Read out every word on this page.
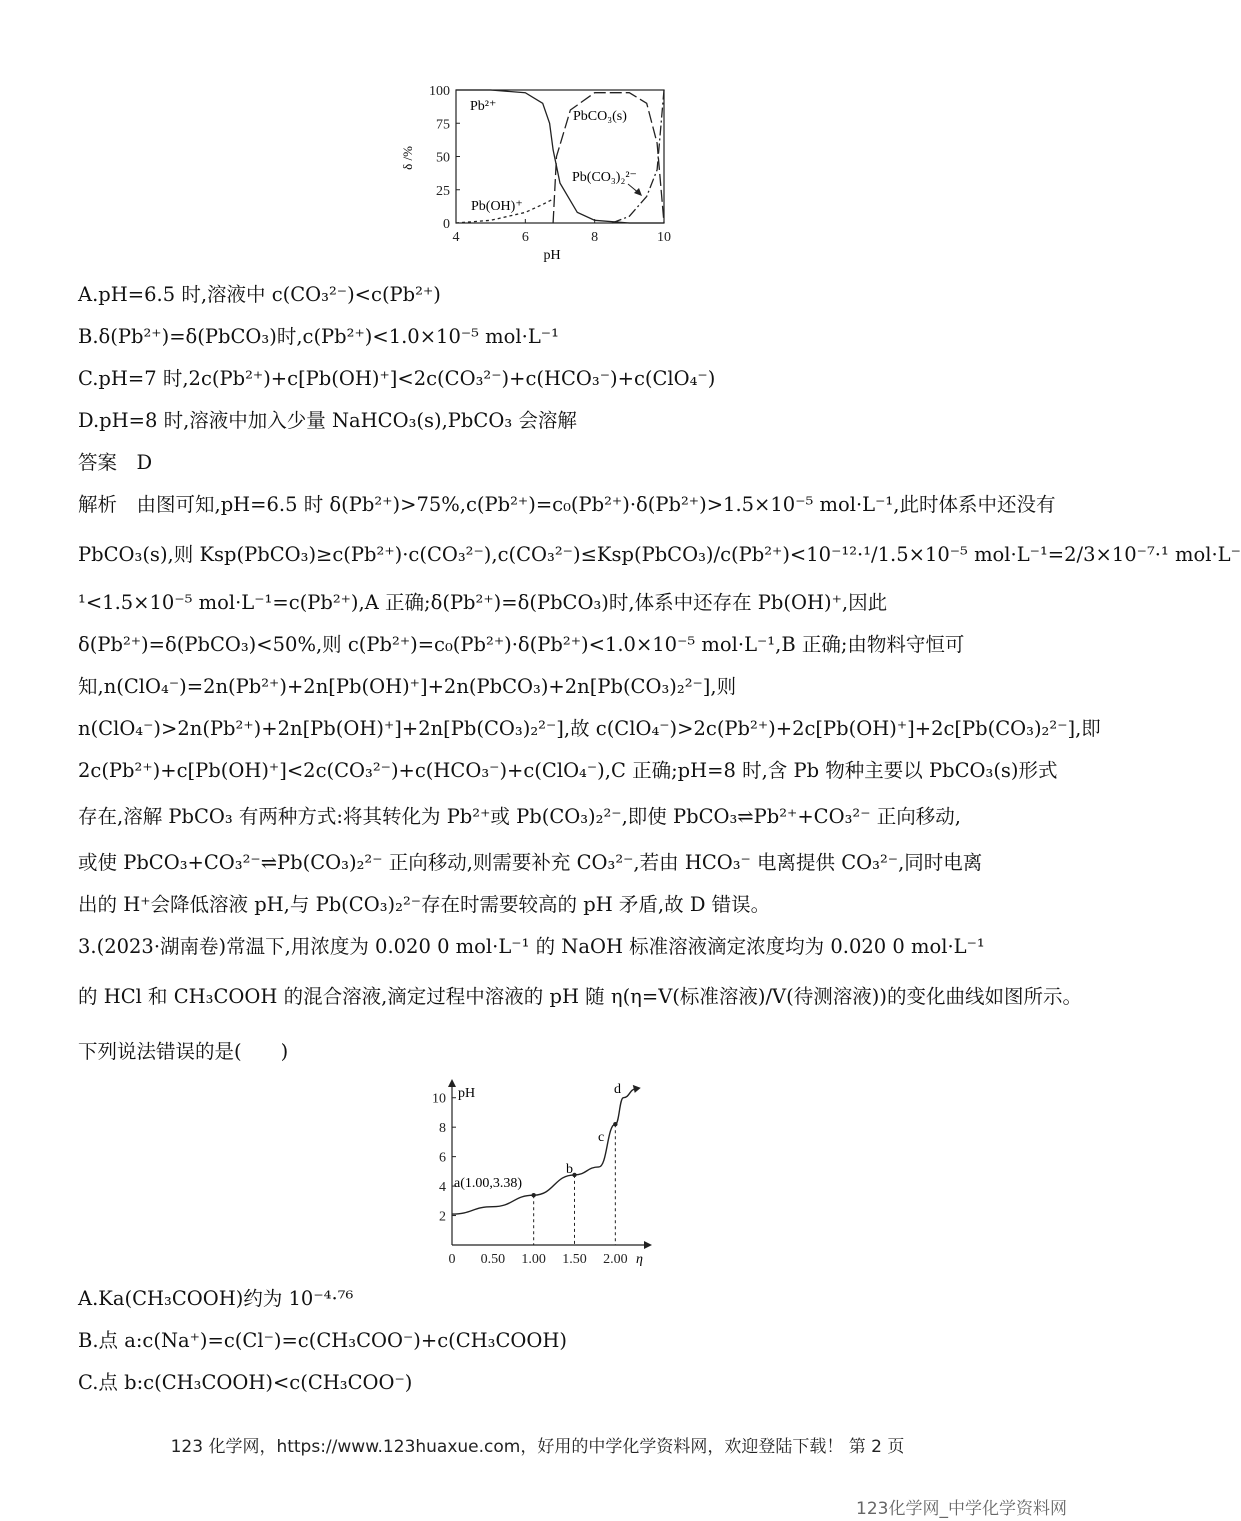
100
75
50
25
0
4	6	8	10
δ /%
pH
Pb²⁺
PbCO₃(s)
Pb(CO₃)₂²⁻
Pb(OH)⁺
A.pH=6.5 时,溶液中 c(CO₃²⁻)<c(Pb²⁺)
B.δ(Pb²⁺)=δ(PbCO₃)时,c(Pb²⁺)<1.0×10⁻⁵ mol·L⁻¹
C.pH=7 时,2c(Pb²⁺)+c[Pb(OH)⁺]<2c(CO₃²⁻)+c(HCO₃⁻)+c(ClO₄⁻)
D.pH=8 时,溶液中加入少量 NaHCO₃(s),PbCO₃ 会溶解
答案　D
解析　由图可知,pH=6.5 时 δ(Pb²⁺)>75%,c(Pb²⁺)=c₀(Pb²⁺)·δ(Pb²⁺)>1.5×10⁻⁵ mol·L⁻¹,此时体系中还没有
PbCO₃(s),则 Ksp(PbCO₃)≥c(Pb²⁺)·c(CO₃²⁻),c(CO₃²⁻)≤Ksp(PbCO₃)/c(Pb²⁺)<10⁻¹²·¹/1.5×10⁻⁵ mol·L⁻¹=2/3×10⁻⁷·¹ mol·L⁻
¹<1.5×10⁻⁵ mol·L⁻¹=c(Pb²⁺),A 正确;δ(Pb²⁺)=δ(PbCO₃)时,体系中还存在 Pb(OH)⁺,因此
δ(Pb²⁺)=δ(PbCO₃)<50%,则 c(Pb²⁺)=c₀(Pb²⁺)·δ(Pb²⁺)<1.0×10⁻⁵ mol·L⁻¹,B 正确;由物料守恒可
知,n(ClO₄⁻)=2n(Pb²⁺)+2n[Pb(OH)⁺]+2n(PbCO₃)+2n[Pb(CO₃)₂²⁻],则
n(ClO₄⁻)>2n(Pb²⁺)+2n[Pb(OH)⁺]+2n[Pb(CO₃)₂²⁻],故 c(ClO₄⁻)>2c(Pb²⁺)+2c[Pb(OH)⁺]+2c[Pb(CO₃)₂²⁻],即
2c(Pb²⁺)+c[Pb(OH)⁺]<2c(CO₃²⁻)+c(HCO₃⁻)+c(ClO₄⁻),C 正确;pH=8 时,含 Pb 物种主要以 PbCO₃(s)形式
存在,溶解 PbCO₃ 有两种方式:将其转化为 Pb²⁺或 Pb(CO₃)₂²⁻,即使 PbCO₃⇌Pb²⁺+CO₃²⁻ 正向移动,
或使 PbCO₃+CO₃²⁻⇌Pb(CO₃)₂²⁻ 正向移动,则需要补充 CO₃²⁻,若由 HCO₃⁻ 电离提供 CO₃²⁻,同时电离
出的 H⁺会降低溶液 pH,与 Pb(CO₃)₂²⁻存在时需要较高的 pH 矛盾,故 D 错误。
3.(2023·湖南卷)常温下,用浓度为 0.020 0 mol·L⁻¹ 的 NaOH 标准溶液滴定浓度均为 0.020 0 mol·L⁻¹
的 HCl 和 CH₃COOH 的混合溶液,滴定过程中溶液的 pH 随 η(η=V(标准溶液)/V(待测溶液))的变化曲线如图所示。
下列说法错误的是(　　)
pH
η
10
8
6
4
2
0 0.50 1.00 1.50 2.00
a(1.00,3.38)
b
c
d
A.Ka(CH₃COOH)约为 10⁻⁴·⁷⁶
B.点 a:c(Na⁺)=c(Cl⁻)=c(CH₃COO⁻)+c(CH₃COOH)
C.点 b:c(CH₃COOH)<c(CH₃COO⁻)
123 化学网，https://www.123huaxue.com，好用的中学化学资料网，欢迎登陆下载！ 第 2 页
123化学网_中学化学资料网
